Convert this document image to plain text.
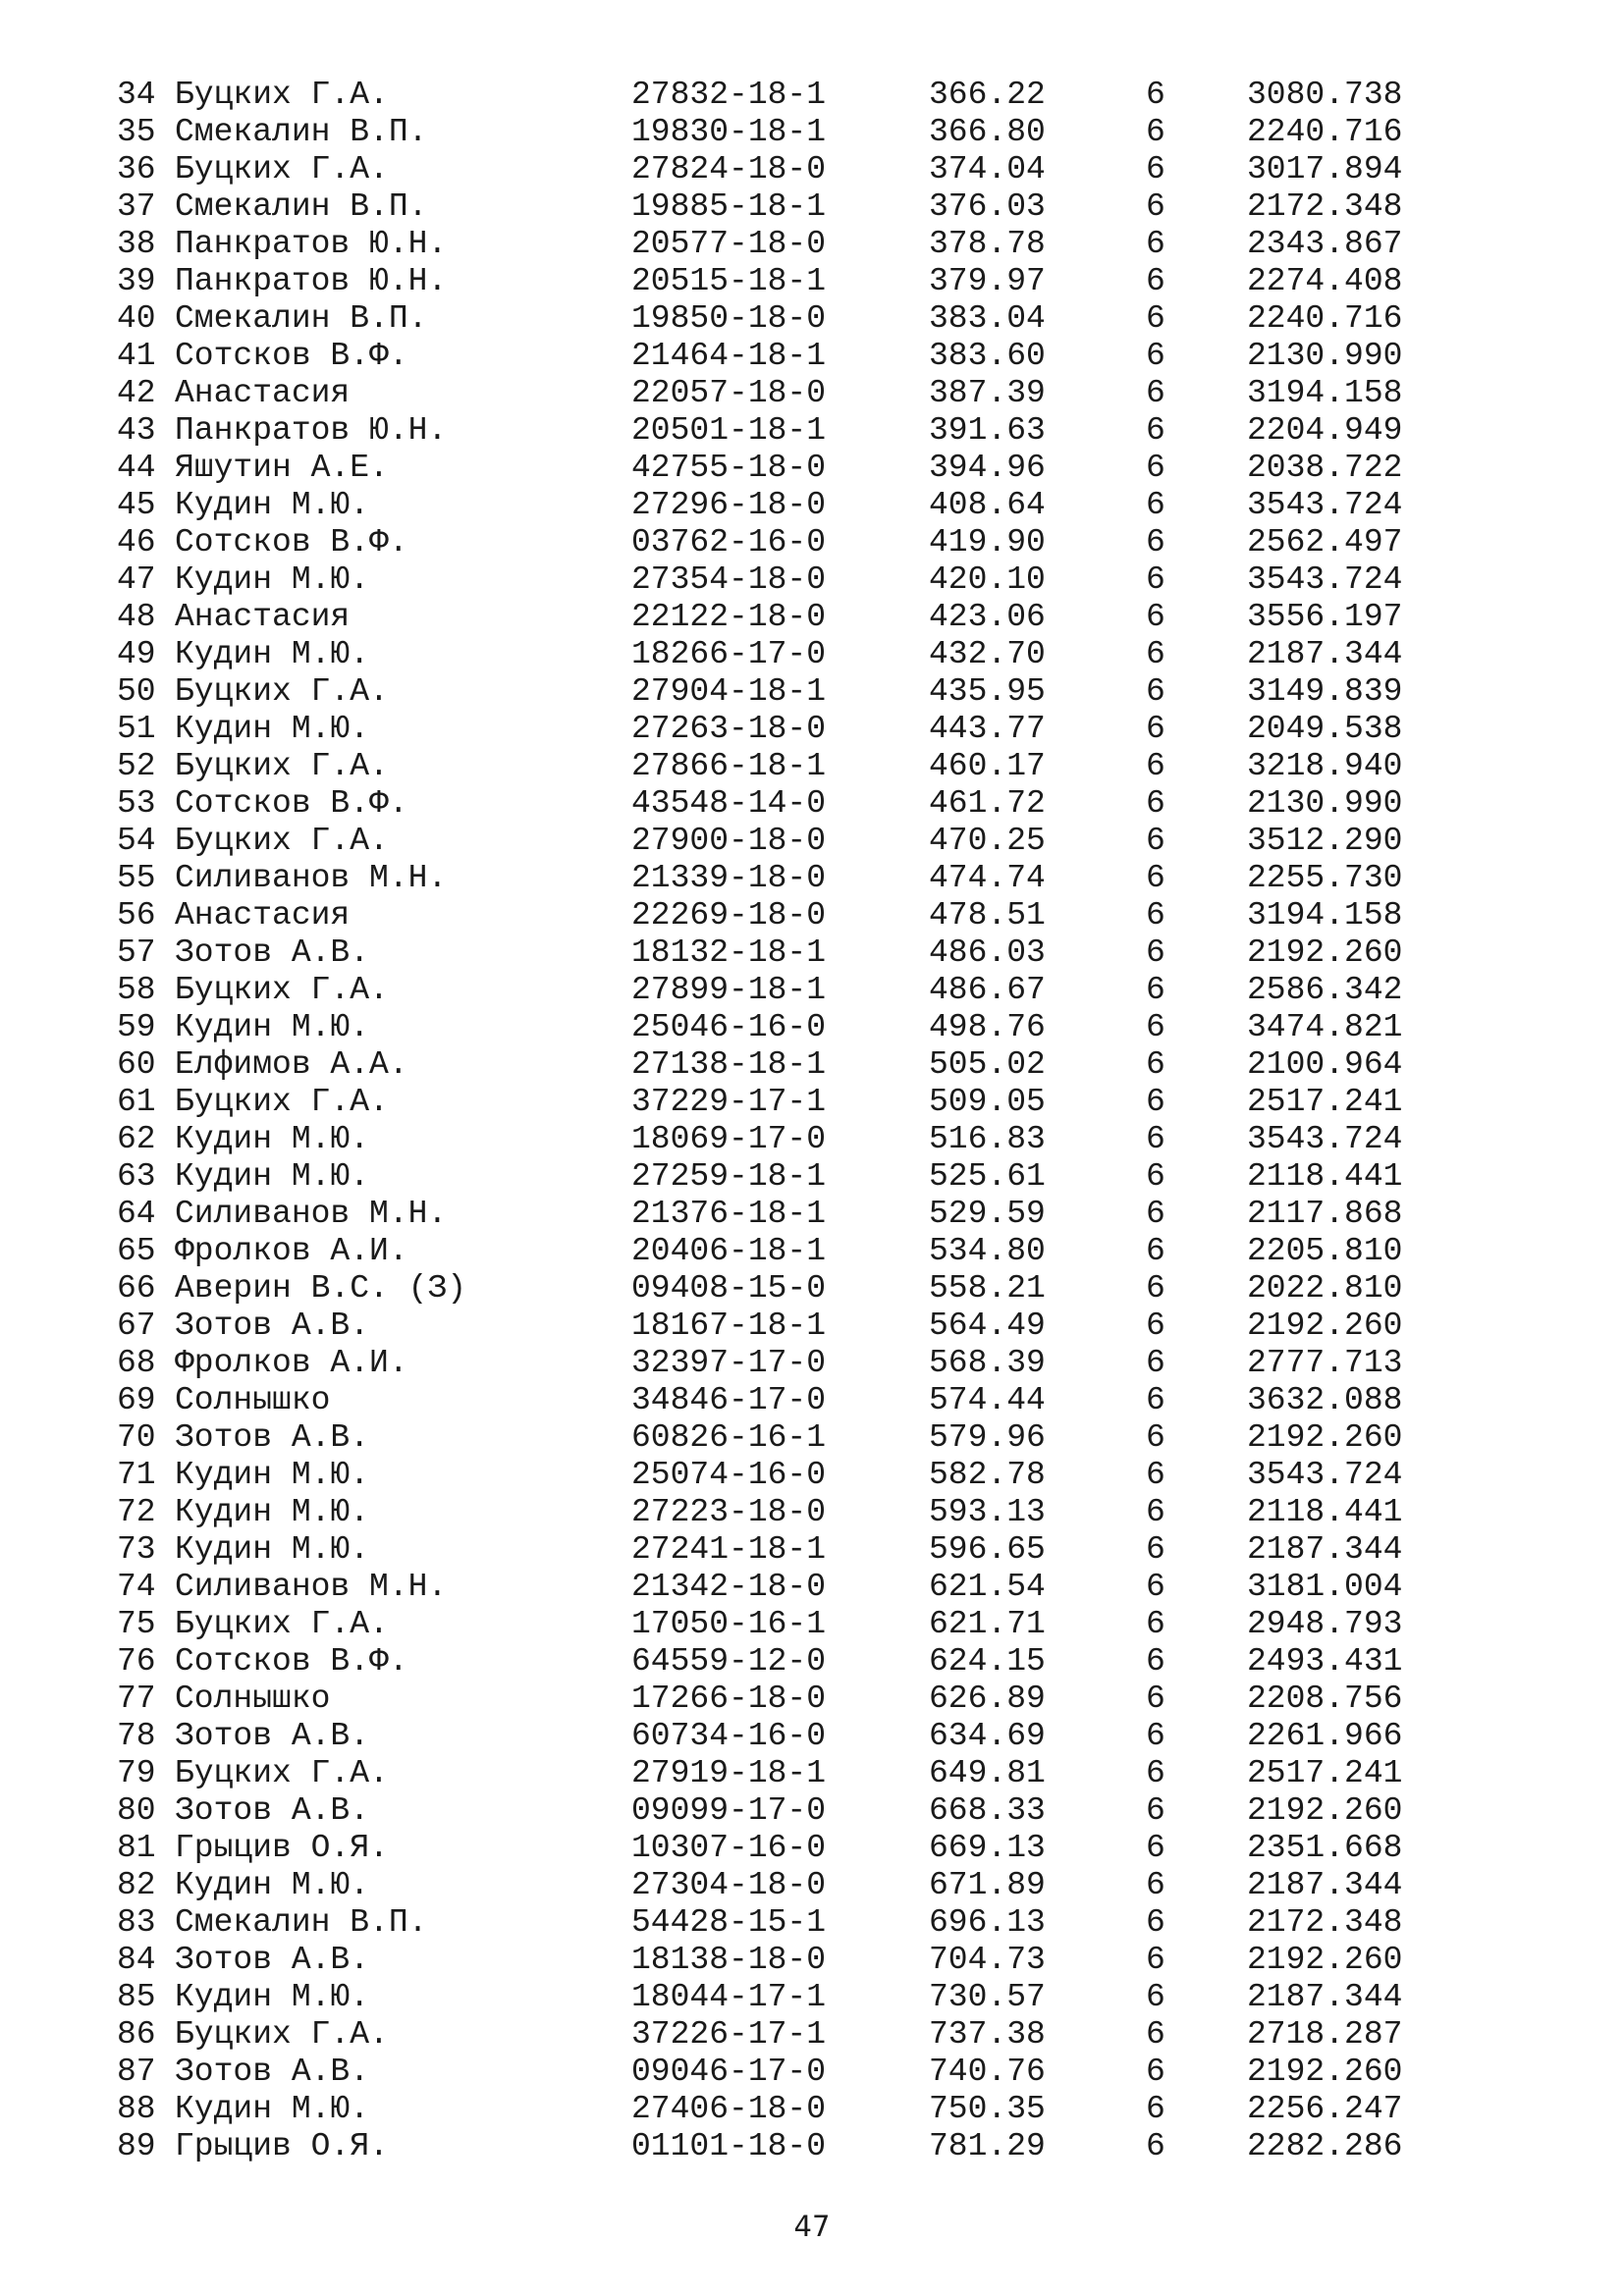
34 Буцких Г.А.	27832-18-1	366.22	6	3080.738
35 Смекалин В.П.	19830-18-1	366.80	6	2240.716
36 Буцких Г.А.	27824-18-0	374.04	6	3017.894
37 Смекалин В.П.	19885-18-1	376.03	6	2172.348
38 Панкратов Ю.Н.	20577-18-0	378.78	6	2343.867
39 Панкратов Ю.Н.	20515-18-1	379.97	6	2274.408
40 Смекалин В.П.	19850-18-0	383.04	6	2240.716
41 Сотсков В.Ф.	21464-18-1	383.60	6	2130.990
42 Анастасия	22057-18-0	387.39	6	3194.158
43 Панкратов Ю.Н.	20501-18-1	391.63	6	2204.949
44 Яшутин А.Е.	42755-18-0	394.96	6	2038.722
45 Кудин М.Ю.	27296-18-0	408.64	6	3543.724
46 Сотсков В.Ф.	03762-16-0	419.90	6	2562.497
47 Кудин М.Ю.	27354-18-0	420.10	6	3543.724
48 Анастасия	22122-18-0	423.06	6	3556.197
49 Кудин М.Ю.	18266-17-0	432.70	6	2187.344
50 Буцких Г.А.	27904-18-1	435.95	6	3149.839
51 Кудин М.Ю.	27263-18-0	443.77	6	2049.538
52 Буцких Г.А.	27866-18-1	460.17	6	3218.940
53 Сотсков В.Ф.	43548-14-0	461.72	6	2130.990
54 Буцких Г.А.	27900-18-0	470.25	6	3512.290
55 Силиванов М.Н.	21339-18-0	474.74	6	2255.730
56 Анастасия	22269-18-0	478.51	6	3194.158
57 Зотов А.В.	18132-18-1	486.03	6	2192.260
58 Буцких Г.А.	27899-18-1	486.67	6	2586.342
59 Кудин М.Ю.	25046-16-0	498.76	6	3474.821
60 Елфимов А.А.	27138-18-1	505.02	6	2100.964
61 Буцких Г.А.	37229-17-1	509.05	6	2517.241
62 Кудин М.Ю.	18069-17-0	516.83	6	3543.724
63 Кудин М.Ю.	27259-18-1	525.61	6	2118.441
64 Силиванов М.Н.	21376-18-1	529.59	6	2117.868
65 Фролков А.И.	20406-18-1	534.80	6	2205.810
66 Аверин В.С. (З)	09408-15-0	558.21	6	2022.810
67 Зотов А.В.	18167-18-1	564.49	6	2192.260
68 Фролков А.И.	32397-17-0	568.39	6	2777.713
69 Солнышко	34846-17-0	574.44	6	3632.088
70 Зотов А.В.	60826-16-1	579.96	6	2192.260
71 Кудин М.Ю.	25074-16-0	582.78	6	3543.724
72 Кудин М.Ю.	27223-18-0	593.13	6	2118.441
73 Кудин М.Ю.	27241-18-1	596.65	6	2187.344
74 Силиванов М.Н.	21342-18-0	621.54	6	3181.004
75 Буцких Г.А.	17050-16-1	621.71	6	2948.793
76 Сотсков В.Ф.	64559-12-0	624.15	6	2493.431
77 Солнышко	17266-18-0	626.89	6	2208.756
78 Зотов А.В.	60734-16-0	634.69	6	2261.966
79 Буцких Г.А.	27919-18-1	649.81	6	2517.241
80 Зотов А.В.	09099-17-0	668.33	6	2192.260
81 Грыцив О.Я.	10307-16-0	669.13	6	2351.668
82 Кудин М.Ю.	27304-18-0	671.89	6	2187.344
83 Смекалин В.П.	54428-15-1	696.13	6	2172.348
84 Зотов А.В.	18138-18-0	704.73	6	2192.260
85 Кудин М.Ю.	18044-17-1	730.57	6	2187.344
86 Буцких Г.А.	37226-17-1	737.38	6	2718.287
87 Зотов А.В.	09046-17-0	740.76	6	2192.260
88 Кудин М.Ю.	27406-18-0	750.35	6	2256.247
89 Грыцив О.Я.	01101-18-0	781.29	6	2282.286
47
